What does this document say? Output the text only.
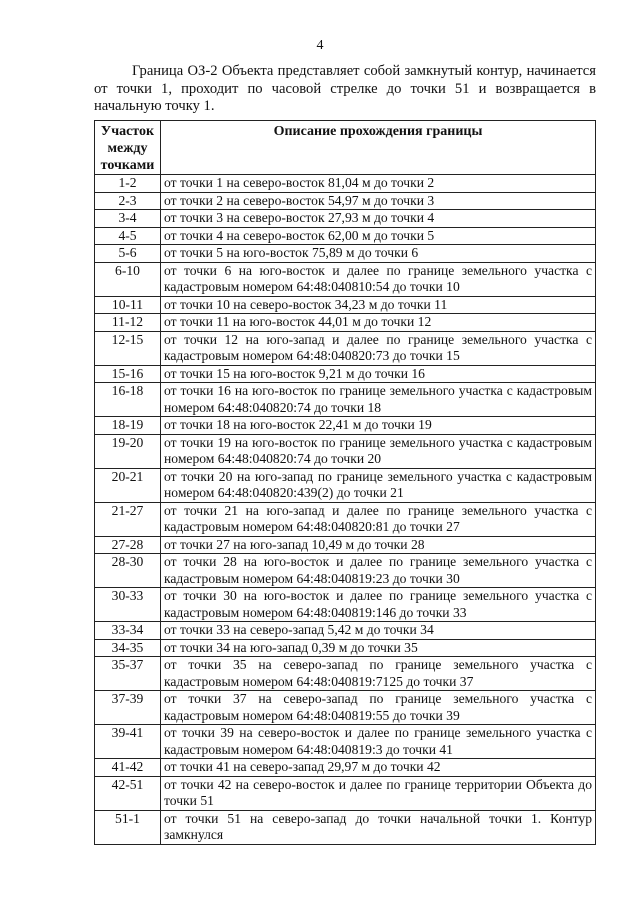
4

Граница ОЗ-2 Объекта представляет собой замкнутый контур, начинается от точки 1, проходит по часовой стрелке до точки 51 и возвращается в начальную точку 1.

Участок между точками	Описание прохождения границы
1-2	от точки 1 на северо-восток 81,04 м до точки 2
2-3	от точки 2 на северо-восток 54,97 м до точки 3
3-4	от точки 3 на северо-восток 27,93 м до точки 4
4-5	от точки 4 на северо-восток 62,00 м до точки 5
5-6	от точки 5 на юго-восток 75,89 м до точки 6
6-10	от точки 6 на юго-восток и далее по границе земельного участка с кадастровым номером 64:48:040810:54 до точки 10
10-11	от точки 10 на северо-восток 34,23 м до точки 11
11-12	от точки 11 на юго-восток 44,01 м до точки 12
12-15	от точки 12 на юго-запад и далее по границе земельного участка с кадастровым номером 64:48:040820:73 до точки 15
15-16	от точки 15 на юго-восток 9,21 м до точки 16
16-18	от точки 16 на юго-восток по границе земельного участка с кадастровым номером 64:48:040820:74 до точки 18
18-19	от точки 18 на юго-восток 22,41 м до точки 19
19-20	от точки 19 на юго-восток по границе земельного участка с кадастровым номером 64:48:040820:74 до точки 20
20-21	от точки 20 на юго-запад по границе земельного участка с кадастровым номером 64:48:040820:439(2) до точки 21
21-27	от точки 21 на юго-запад и далее по границе земельного участка с кадастровым номером 64:48:040820:81 до точки 27
27-28	от точки 27 на юго-запад 10,49 м до точки 28
28-30	от точки 28 на юго-восток и далее по границе земельного участка с кадастровым номером 64:48:040819:23 до точки 30
30-33	от точки 30 на юго-восток и далее по границе земельного участка с кадастровым номером 64:48:040819:146 до точки 33
33-34	от точки 33 на северо-запад 5,42 м до точки 34
34-35	от точки 34 на юго-запад 0,39 м до точки 35
35-37	от точки 35 на северо-запад по границе земельного участка с кадастровым номером 64:48:040819:7125 до точки 37
37-39	от точки 37 на северо-запад по границе земельного участка с кадастровым номером 64:48:040819:55 до точки 39
39-41	от точки 39 на северо-восток и далее по границе земельного участка с кадастровым номером 64:48:040819:3 до точки 41
41-42	от точки 41 на северо-запад 29,97 м до точки 42
42-51	от точки 42 на северо-восток и далее по границе территории Объекта до точки 51
51-1	от точки 51 на северо-запад до точки начальной точки 1. Контур замкнулся
